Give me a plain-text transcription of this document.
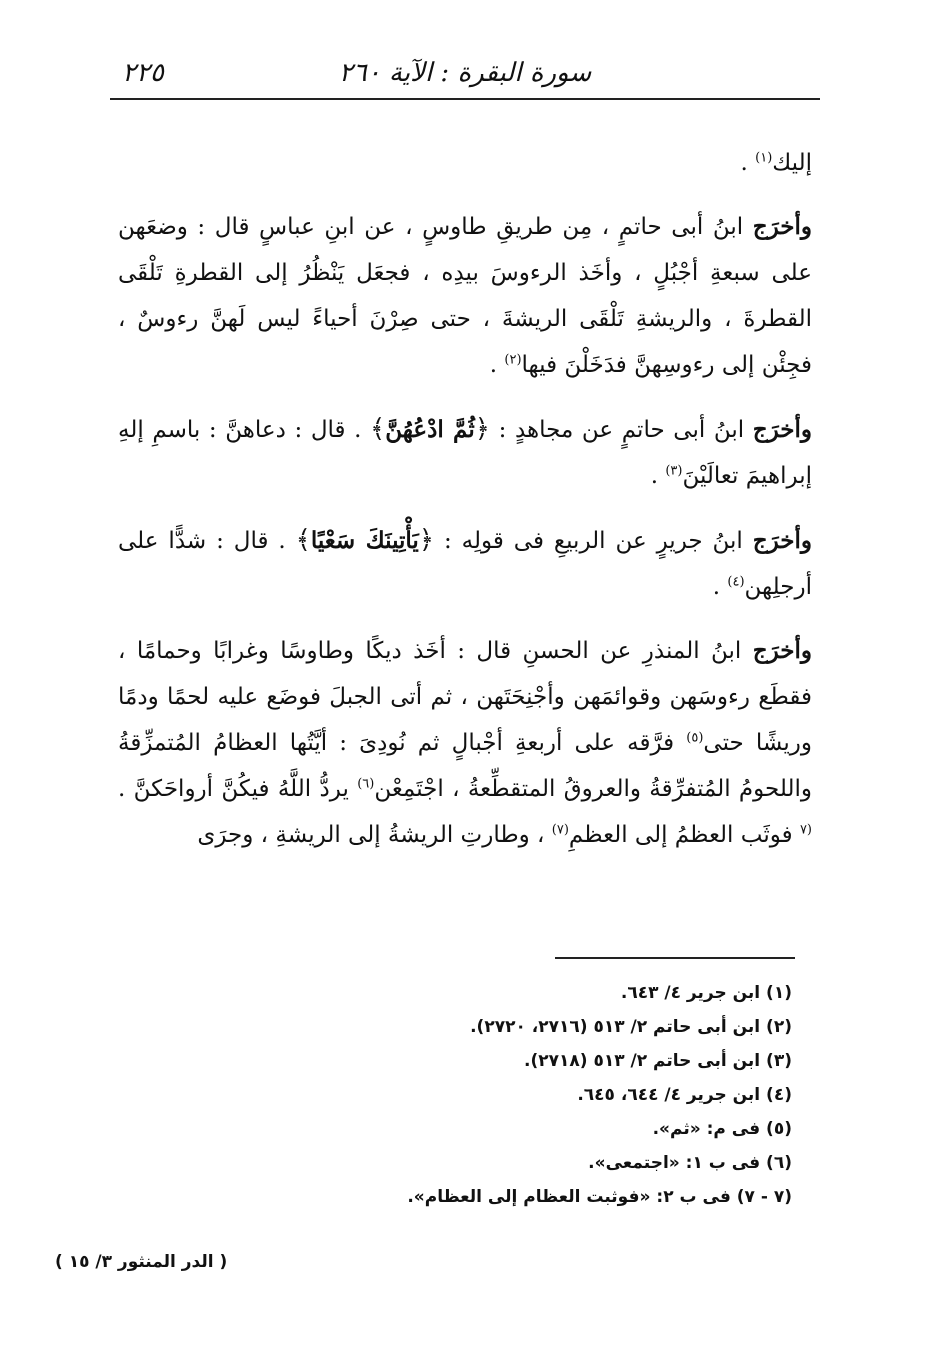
سورة البقرة : الآية ٢٦٠
٢٢٥

إليك$^{(١)}$ .

وأخرَج ابنُ أبى حاتمٍ ، مِن طريقِ طاوسٍ ، عن ابنِ عباسٍ قال : وضعَهن على سبعةِ أجْبُلٍ ، وأخَذ الرءوسَ بيدِه ، فجعَل يَنْظُرُ إلى القطرةِ تَلْقَى القطرةَ ، والريشةِ تَلْقَى الريشةَ ، حتى صِرْنَ أحياءً ليس لَهنَّ رءوسٌ ، فجِئْن إلى رءوسِهنَّ فدَخَلْنَ فيها$^{(٢)}$ .

وأخرَج ابنُ أبى حاتمٍ عن مجاهدٍ : ﴿ثُمَّ ادْعُهُنَّ﴾ . قال : دعاهنَّ : باسمِ إلهِ إبراهيمَ تعالَيْنَ$^{(٣)}$ .

وأخرَج ابنُ جريرٍ عن الربيعِ فى قولِه : ﴿يَأْتِينَكَ سَعْيًا﴾ . قال : شدًّا على أرجلِهن$^{(٤)}$ .

وأخرَج ابنُ المنذرِ عن الحسنِ قال : أخَذ ديكًا وطاوسًا وغرابًا وحمامًا ، فقطَع رءوسَهن وقوائمَهن وأجْنِحَتَهن ، ثم أتى الجبلَ فوضَع عليه لحمًا ودمًا وريشًا حتى$^{(٥)}$ فرَّقه على أربعةِ أجْبالٍ ثم نُودِىَ : أيَّتُها العظامُ المُتمزِّقةُ واللحومُ المُتفرِّقةُ والعروقُ المتقطِّعةُ ، اجْتَمِعْن$^{(٦)}$ يردُّ اللَّهُ فيكُنَّ أرواحَكنَّ .$^{(٧}$ فوثَب العظمُ إلى العظمِ$^{(٧)}$ ، وطارتِ الريشةُ إلى الريشةِ ، وجرَى

(١) ابن جرير ٤/ ٦٤٣.
(٢) ابن أبى حاتم ٢/ ٥١٣ (٢٧١٦، ٢٧٢٠).
(٣) ابن أبى حاتم ٢/ ٥١٣ (٢٧١٨).
(٤) ابن جرير ٤/ ٦٤٤، ٦٤٥.
(٥) فى م: «ثم».
(٦) فى ب ١: «اجتمعى».
(٧ - ٧) فى ب ٢: «فوثبت العظام إلى العظام».
( الدر المنثور ٣/ ١٥ )
